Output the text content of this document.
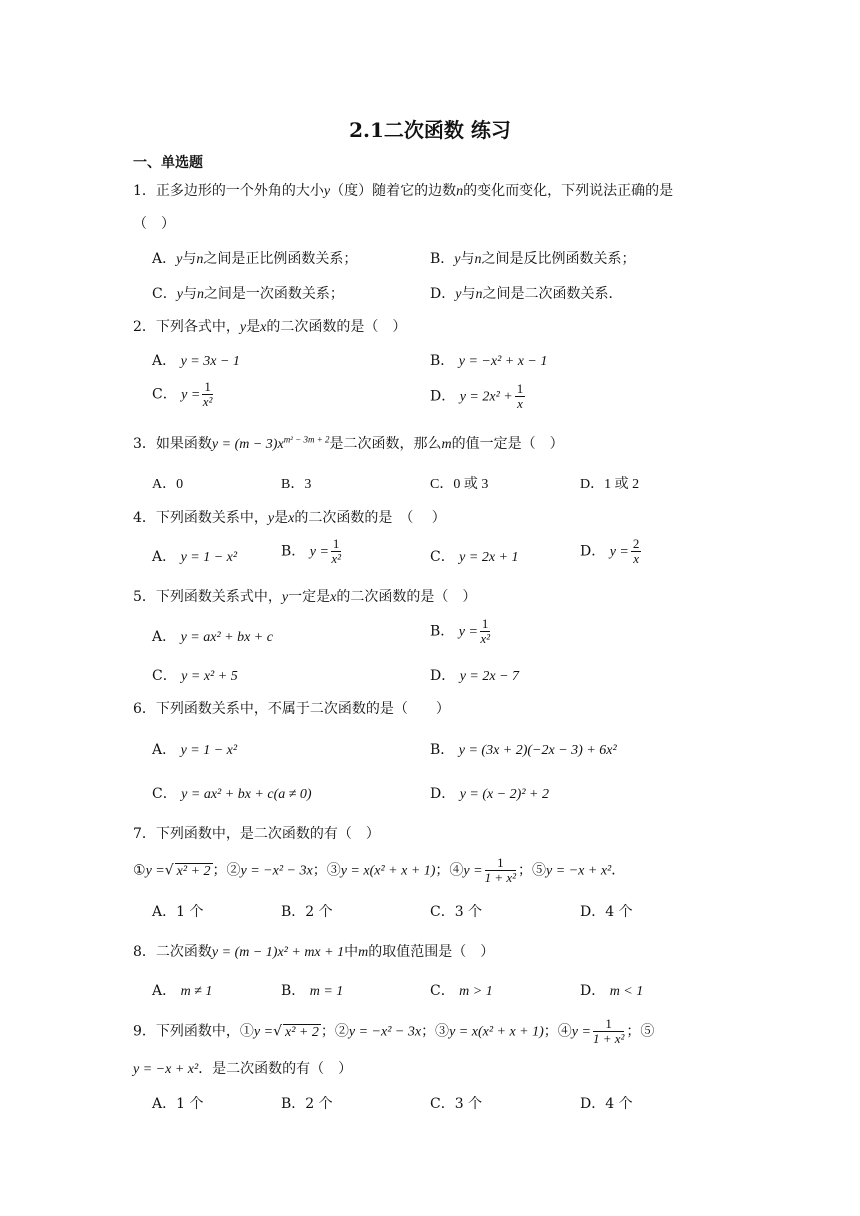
2.1二次函数 练习
一、单选题
1．正多边形的一个外角的大小y（度）随着它的边数n的变化而变化，下列说法正确的是
（　）
A．y与n之间是正比例函数关系；	B．y与n之间是反比例函数关系；
C．y与n之间是一次函数关系；	D．y与n之间是二次函数关系．
2．下列各式中，y是x的二次函数的是（　）
A． y = 3x − 1	B． y = −x² + x − 1
C． $y = \frac{1}{\text{x²}}$	D． $y = 2x^2 + \frac{1}{x}$
3．如果函数$y = (m - 3)x^{m^2 - 3m + 2}$是二次函数，那么m的值一定是（　）
A．0	B．3	C．0 或 3	D．1 或 2
4．下列函数关系中，y是x的二次函数的是　（　 ）
A． y = 1 − x²	B． $y = \frac{1}{\text{x²}}$	C． y = 2x + 1	D． $y = \frac{2}{x}$
5．下列函数关系式中，y一定是x的二次函数的是（　）
A． y = ax² + bx + c	B． $y = \frac{1}{\text{x²}}$
C． y = x² + 5	D． y = 2x − 7
6．下列函数关系中，不属于二次函数的是（　　）
A． y = 1 − x²	B． y = (3x + 2)(−2x − 3) + 6x²
C． y = ax² + bx + c(a ≠ 0)	D． y = (x − 2)² + 2
7．下列函数中，是二次函数的有（　）
①y =√ x² + 2 ；②y = −x² − 3x；③y = x(x² + x + 1)；④y = $\frac{1}{\text{1 + x²}}$ ；⑤y = −x + x²．
A．1 个	B．2 个	C．3 个	D．4 个
8．二次函数y = (m − 1)x² + mx + 1中m的取值范围是（　）
A． m ≠ 1	B． m = 1	C． m > 1	D． m < 1
9．下列函数中，①y =√ x² + 2 ；②y = −x² − 3x；③y = x(x² + x + 1)；④y = $\frac{1}{\text{1 + x²}}$ ；⑤
y = −x + x²．是二次函数的有（　）
A．1 个	B．2 个	C．3 个	D．4 个
